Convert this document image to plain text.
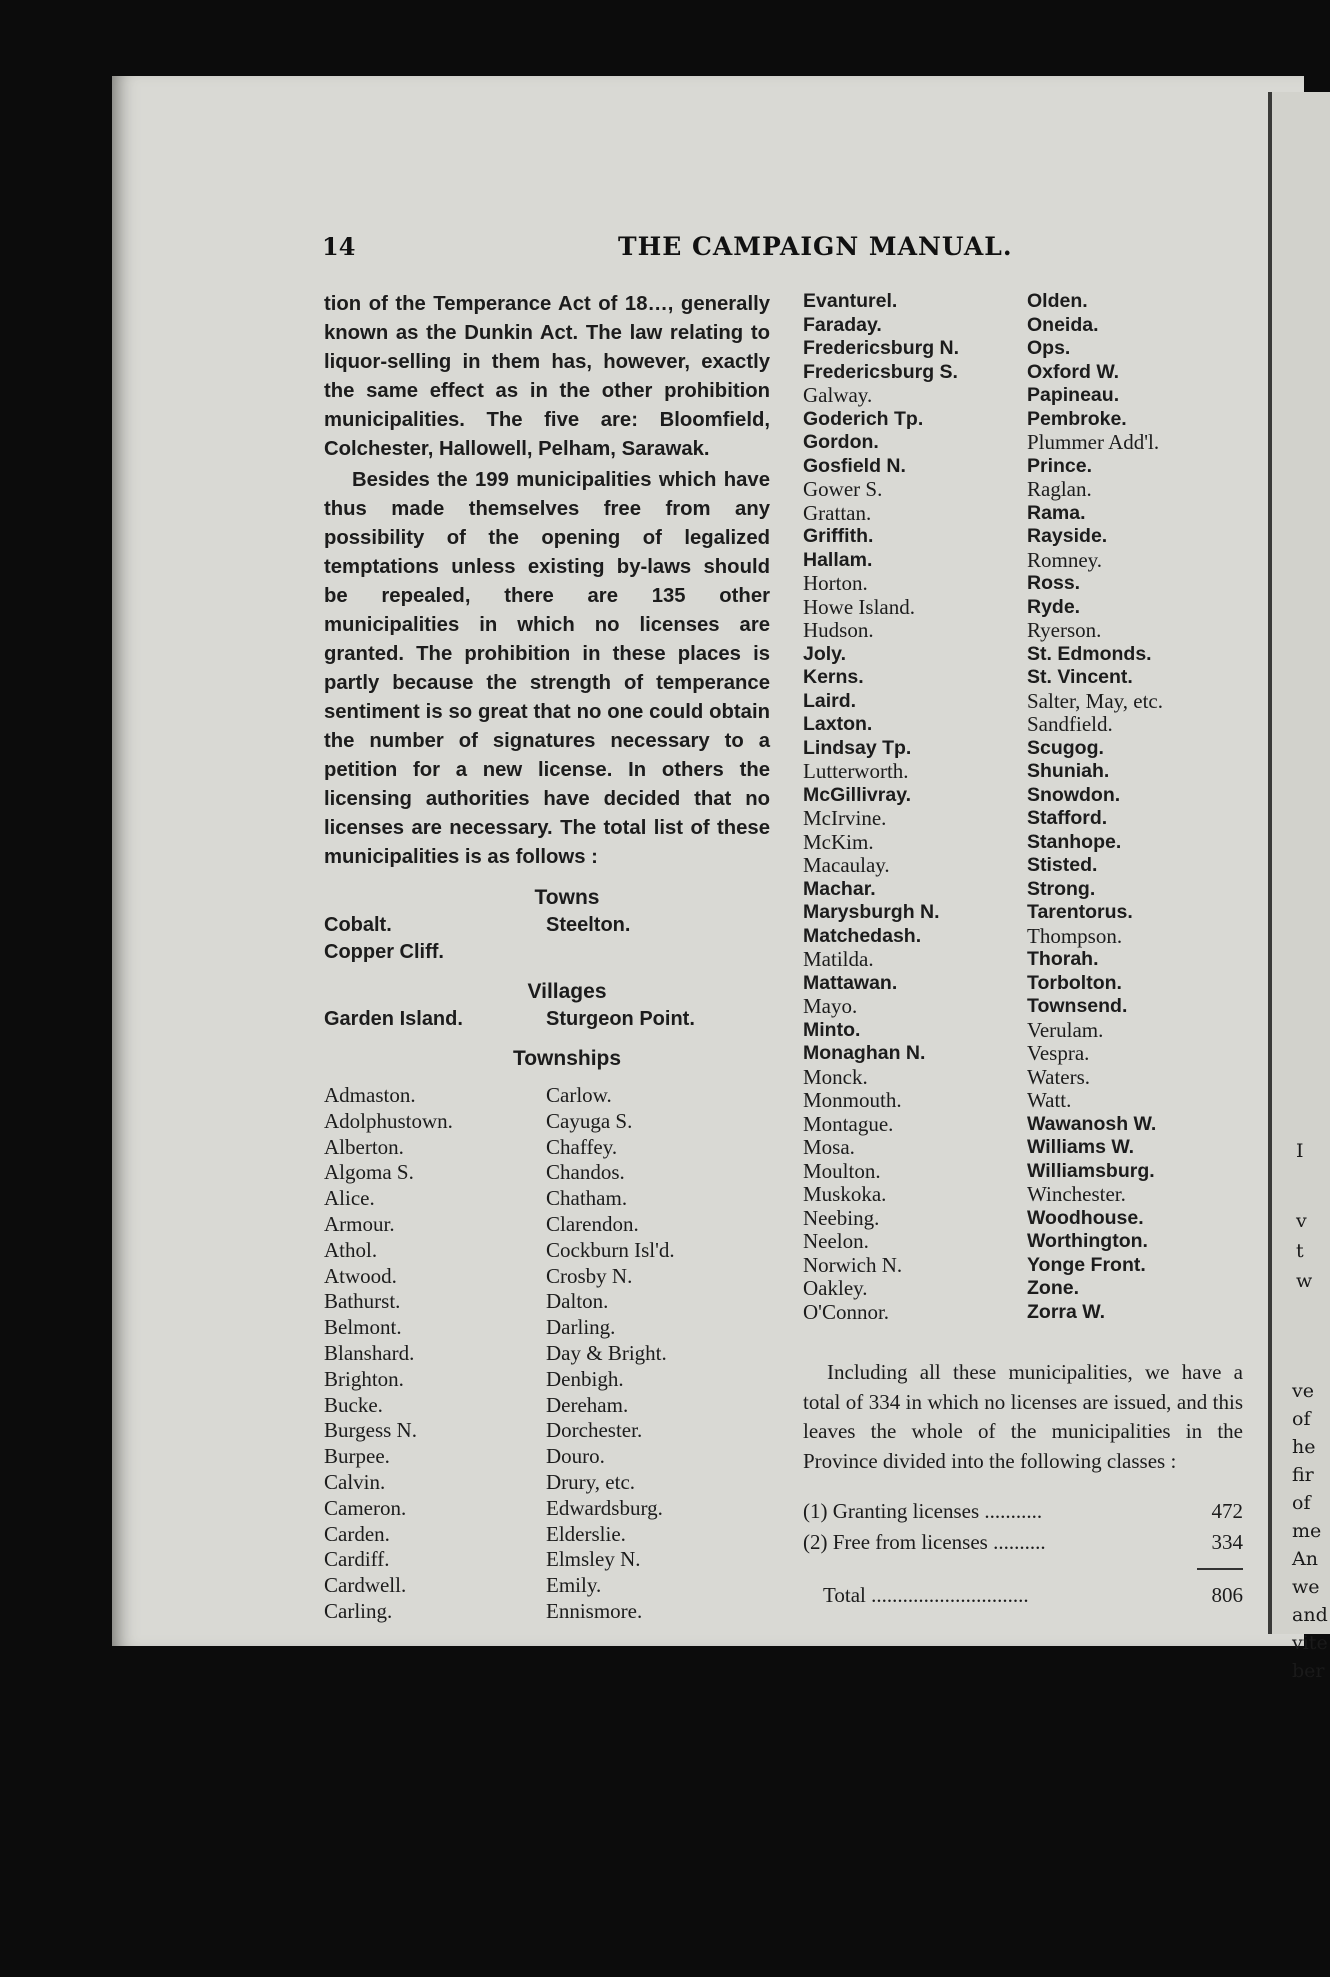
I
v
t
w
ve
of
he
fir
of
me
An
we
and
vite
ber
14	THE CAMPAIGN MANUAL.

tion of the Temperance Act of 18…, generally known as the Dunkin Act. The law relating to liquor-selling in them has, however, exactly the same effect as in the other prohibition municipalities. The five are: Bloomfield, Colchester, Hallowell, Pelham, Sarawak.

Besides the 199 municipalities which have thus made themselves free from any possibility of the opening of legalized temptations unless existing by-laws should be repealed, there are 135 other municipalities in which no licenses are granted. The prohibition in these places is partly because the strength of temperance sentiment is so great that no one could obtain the number of signatures necessary to a petition for a new license. In others the licensing authorities have decided that no licenses are necessary. The total list of these municipalities is as follows :

Towns
Cobalt.	Steelton.
Copper Cliff.
Villages
Garden Island.	Sturgeon Point.
Townships
Admaston.	Carlow.
Adolphustown.	Cayuga S.
Alberton.	Chaffey.
Algoma S.	Chandos.
Alice.	Chatham.
Armour.	Clarendon.
Athol.	Cockburn Isl'd.
Atwood.	Crosby N.
Bathurst.	Dalton.
Belmont.	Darling.
Blanshard.	Day & Bright.
Brighton.	Denbigh.
Bucke.	Dereham.
Burgess N.	Dorchester.
Burpee.	Douro.
Calvin.	Drury, etc.
Cameron.	Edwardsburg.
Carden.	Elderslie.
Cardiff.	Elmsley N.
Cardwell.	Emily.
Carling.	Ennismore.
Evanturel.	Olden.
Faraday.	Oneida.
Fredericsburg N.	Ops.
Fredericsburg S.	Oxford W.
Galway.	Papineau.
Goderich Tp.	Pembroke.
Gordon.	Plummer Add'l.
Gosfield N.	Prince.
Gower S.	Raglan.
Grattan.	Rama.
Griffith.	Rayside.
Hallam.	Romney.
Horton.	Ross.
Howe Island.	Ryde.
Hudson.	Ryerson.
Joly.	St. Edmonds.
Kerns.	St. Vincent.
Laird.	Salter, May, etc.
Laxton.	Sandfield.
Lindsay Tp.	Scugog.
Lutterworth.	Shuniah.
McGillivray.	Snowdon.
McIrvine.	Stafford.
McKim.	Stanhope.
Macaulay.	Stisted.
Machar.	Strong.
Marysburgh N.	Tarentorus.
Matchedash.	Thompson.
Matilda.	Thorah.
Mattawan.	Torbolton.
Mayo.	Townsend.
Minto.	Verulam.
Monaghan N.	Vespra.
Monck.	Waters.
Monmouth.	Watt.
Montague.	Wawanosh W.
Mosa.	Williams W.
Moulton.	Williamsburg.
Muskoka.	Winchester.
Neebing.	Woodhouse.
Neelon.	Worthington.
Norwich N.	Yonge Front.
Oakley.	Zone.
O'Connor.	Zorra W.

Including all these municipalities, we have a total of 334 in which no licenses are issued, and this leaves the whole of the municipalities in the Province divided into the following classes :

(1) Granting licenses ...........	472
(2) Free from licenses ..........	334
Total ..............................	806
